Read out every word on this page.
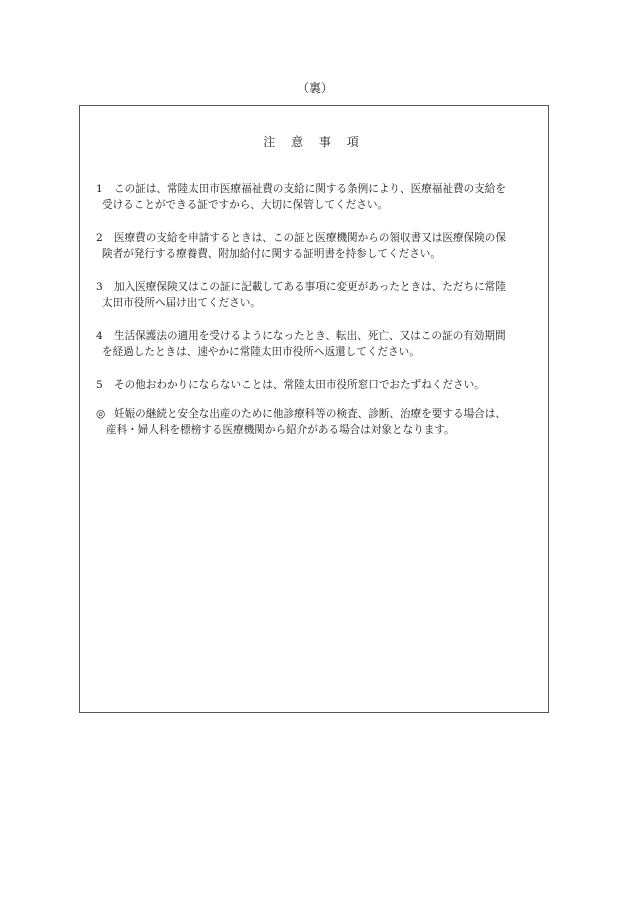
（裏）
注 意 事 項
1 この証は、常陸太田市医療福祉費の支給に関する条例により、医療福祉費の支給を
受けることができる証ですから、大切に保管してください。
2 医療費の支給を申請するときは、この証と医療機関からの領収書又は医療保険の保
険者が発行する療養費、附加給付に関する証明書を持参してください。
3 加入医療保険又はこの証に記載してある事項に変更があったときは、ただちに常陸
太田市役所へ届け出てください。
4 生活保護法の適用を受けるようになったとき、転出、死亡、又はこの証の有効期間
を経過したときは、速やかに常陸太田市役所へ返還してください。
5 その他おわかりにならないことは、常陸太田市役所窓口でおたずねください。
◎ 妊娠の継続と安全な出産のために他診療科等の検査、診断、治療を要する場合は、
産科・婦人科を標榜する医療機関から紹介がある場合は対象となります。
